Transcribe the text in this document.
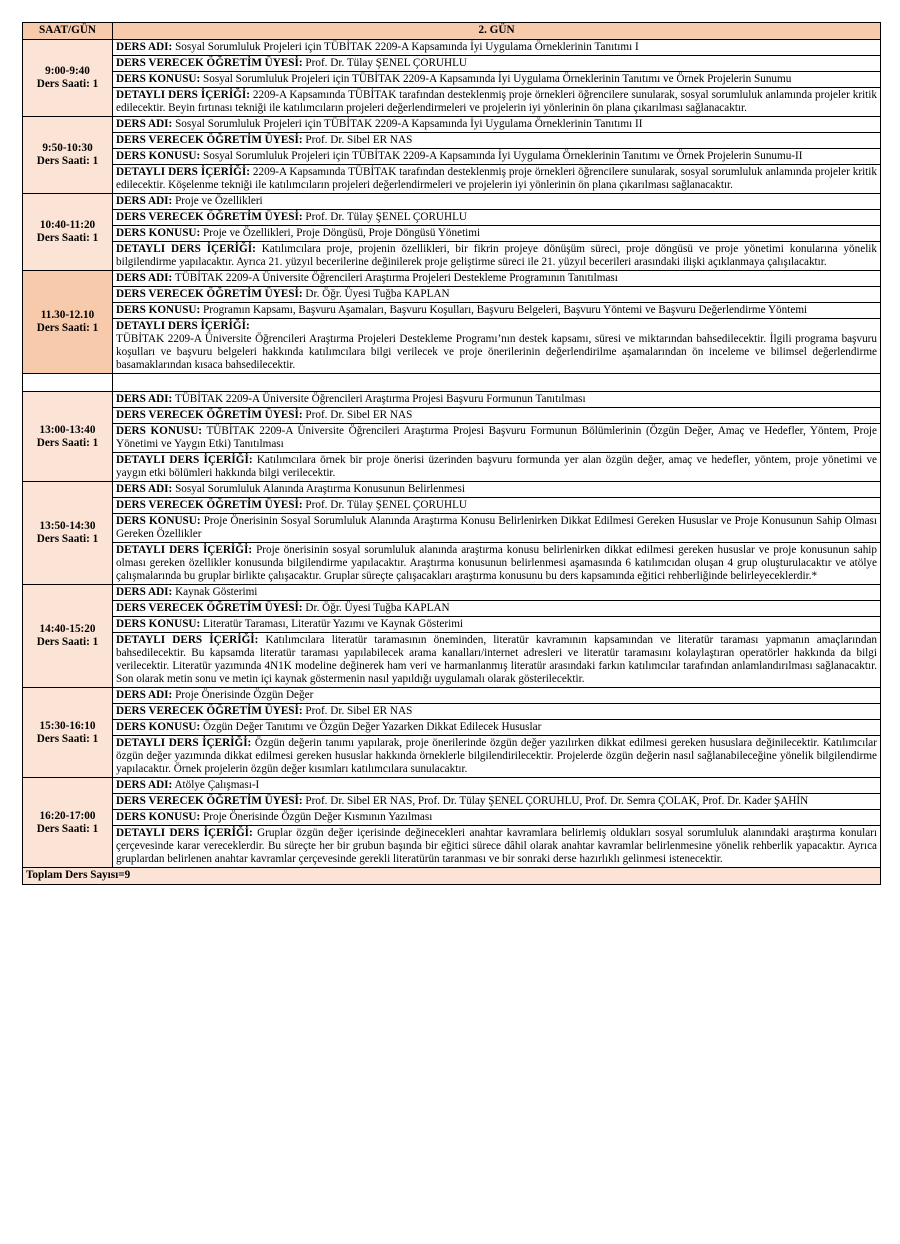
SAAT/GÜN	2. GÜN

9:00-9:40
Ders Saati: 1	DERS ADI: Sosyal Sorumluluk Projeleri için TÜBİTAK 2209-A Kapsamında İyi Uygulama Örneklerinin Tanıtımı I
	DERS VERECEK ÖĞRETİM ÜYESİ: Prof. Dr. Tülay ŞENEL ÇORUHLU
	DERS KONUSU: Sosyal Sorumluluk Projeleri için TÜBİTAK 2209-A Kapsamında İyi Uygulama Örneklerinin Tanıtımı ve Örnek Projelerin Sunumu
	DETAYLI DERS İÇERİĞİ: 2209-A Kapsamında TÜBİTAK tarafından desteklenmiş proje örnekleri öğrencilere sunularak, sosyal sorumluluk anlamında projeler kritik edilecektir. Beyin fırtınası tekniği ile katılımcıların projeleri değerlendirmeleri ve projelerin iyi yönlerinin ön plana çıkarılması sağlanacaktır.

9:50-10:30
Ders Saati: 1	DERS ADI: Sosyal Sorumluluk Projeleri için TÜBİTAK 2209-A Kapsamında İyi Uygulama Örneklerinin Tanıtımı II
	DERS VERECEK ÖĞRETİM ÜYESİ: Prof. Dr. Sibel ER NAS
	DERS KONUSU: Sosyal Sorumluluk Projeleri için TÜBİTAK 2209-A Kapsamında İyi Uygulama Örneklerinin Tanıtımı ve Örnek Projelerin Sunumu-II
	DETAYLI DERS İÇERİĞİ: 2209-A Kapsamında TÜBİTAK tarafından desteklenmiş proje örnekleri öğrencilere sunularak, sosyal sorumluluk anlamında projeler kritik edilecektir. Köşelenme tekniği ile katılımcıların projeleri değerlendirmeleri ve projelerin iyi yönlerinin ön plana çıkarılması sağlanacaktır.

10:40-11:20
Ders Saati: 1	DERS ADI: Proje ve Özellikleri
	DERS VERECEK ÖĞRETİM ÜYESİ: Prof. Dr. Tülay ŞENEL ÇORUHLU
	DERS KONUSU: Proje ve Özellikleri, Proje Döngüsü, Proje Döngüsü Yönetimi
	DETAYLI DERS İÇERİĞİ: Katılımcılara proje, projenin özellikleri, bir fikrin projeye dönüşüm süreci, proje döngüsü ve proje yönetimi konularına yönelik bilgilendirme yapılacaktır. Ayrıca 21. yüzyıl becerilerine değinilerek proje geliştirme süreci ile 21. yüzyıl becerileri arasındaki ilişki açıklanmaya çalışılacaktır.

11.30-12.10
Ders Saati: 1	DERS ADI: TÜBİTAK 2209-A Üniversite Öğrencileri Araştırma Projeleri Destekleme Programının Tanıtılması
	DERS VERECEK ÖĞRETİM ÜYESİ: Dr. Öğr. Üyesi Tuğba KAPLAN
	DERS KONUSU: Programın Kapsamı, Başvuru Aşamaları, Başvuru Koşulları, Başvuru Belgeleri, Başvuru Yöntemi ve Başvuru Değerlendirme Yöntemi
	DETAYLI DERS İÇERİĞİ:
TÜBİTAK 2209-A Üniversite Öğrencileri Araştırma Projeleri Destekleme Programı’nın destek kapsamı, süresi ve miktarından bahsedilecektir. İlgili programa başvuru koşulları ve başvuru belgeleri hakkında katılımcılara bilgi verilecek ve proje önerilerinin değerlendirilme aşamalarından ön inceleme ve bilimsel değerlendirme basamaklarından kısaca bahsedilecektir.

13:00-13:40
Ders Saati: 1	DERS ADI: TÜBİTAK 2209-A Üniversite Öğrencileri Araştırma Projesi Başvuru Formunun Tanıtılması
	DERS VERECEK ÖĞRETİM ÜYESİ: Prof. Dr. Sibel ER NAS
	DERS KONUSU: TÜBİTAK 2209-A Üniversite Öğrencileri Araştırma Projesi Başvuru Formunun Bölümlerinin (Özgün Değer, Amaç ve Hedefler, Yöntem, Proje Yönetimi ve Yaygın Etki) Tanıtılması
	DETAYLI DERS İÇERİĞİ: Katılımcılara örnek bir proje önerisi üzerinden başvuru formunda yer alan özgün değer, amaç ve hedefler, yöntem, proje yönetimi ve yaygın etki bölümleri hakkında bilgi verilecektir.

13:50-14:30
Ders Saati: 1	DERS ADI: Sosyal Sorumluluk Alanında Araştırma Konusunun Belirlenmesi
	DERS VERECEK ÖĞRETİM ÜYESİ: Prof. Dr. Tülay ŞENEL ÇORUHLU
	DERS KONUSU: Proje Önerisinin Sosyal Sorumluluk Alanında Araştırma Konusu Belirlenirken Dikkat Edilmesi Gereken Hususlar ve Proje Konusunun Sahip Olması Gereken Özellikler
	DETAYLI DERS İÇERİĞİ: Proje önerisinin sosyal sorumluluk alanında araştırma konusu belirlenirken dikkat edilmesi gereken hususlar ve proje konusunun sahip olması gereken özellikler konusunda bilgilendirme yapılacaktır. Araştırma konusunun belirlenmesi aşamasında 6 katılımcıdan oluşan 4 grup oluşturulacaktır ve atölye çalışmalarında bu gruplar birlikte çalışacaktır. Gruplar süreçte çalışacakları araştırma konusunu bu ders kapsamında eğitici rehberliğinde belirleyeceklerdir.*

14:40-15:20
Ders Saati: 1	DERS ADI: Kaynak Gösterimi
	DERS VERECEK ÖĞRETİM ÜYESİ: Dr. Öğr. Üyesi Tuğba KAPLAN
	DERS KONUSU: Literatür Taraması, Literatür Yazımı ve Kaynak Gösterimi
	DETAYLI DERS İÇERİĞİ: Katılımcılara literatür taramasının öneminden, literatür kavramının kapsamından ve literatür taraması yapmanın amaçlarından bahsedilecektir. Bu kapsamda literatür taraması yapılabilecek arama kanalları/internet adresleri ve literatür taramasını kolaylaştıran operatörler hakkında da bilgi verilecektir. Literatür yazımında 4N1K modeline değinerek ham veri ve harmanlanmış literatür arasındaki farkın katılımcılar tarafından anlamlandırılması sağlanacaktır. Son olarak metin sonu ve metin içi kaynak göstermenin nasıl yapıldığı uygulamalı olarak gösterilecektir.

15:30-16:10
Ders Saati: 1	DERS ADI: Proje Önerisinde Özgün Değer
	DERS VERECEK ÖĞRETİM ÜYESİ: Prof. Dr. Sibel ER NAS
	DERS KONUSU: Özgün Değer Tanıtımı ve Özgün Değer Yazarken Dikkat Edilecek Hususlar
	DETAYLI DERS İÇERİĞİ: Özgün değerin tanımı yapılarak, proje önerilerinde özgün değer yazılırken dikkat edilmesi gereken hususlara değinilecektir. Katılımcılar özgün değer yazımında dikkat edilmesi gereken hususlar hakkında örneklerle bilgilendirilecektir. Projelerde özgün değerin nasıl sağlanabileceğine yönelik bilgilendirme yapılacaktır. Örnek projelerin özgün değer kısımları katılımcılara sunulacaktır.

16:20-17:00
Ders Saati: 1	DERS ADI: Atölye Çalışması-I
	DERS VERECEK ÖĞRETİM ÜYESİ: Prof. Dr. Sibel ER NAS, Prof. Dr. Tülay ŞENEL ÇORUHLU, Prof. Dr. Semra ÇOLAK, Prof. Dr. Kader ŞAHİN
	DERS KONUSU: Proje Önerisinde Özgün Değer Kısmının Yazılması
	DETAYLI DERS İÇERİĞİ: Gruplar özgün değer içerisinde değinecekleri anahtar kavramlara belirlemiş oldukları sosyal sorumluluk alanındaki araştırma konuları çerçevesinde karar vereceklerdir. Bu süreçte her bir grubun başında bir eğitici sürece dâhil olarak anahtar kavramlar belirlenmesine yönelik rehberlik yapacaktır. Ayrıca gruplardan belirlenen anahtar kavramlar çerçevesinde gerekli literatürün taranması ve bir sonraki derse hazırlıklı gelinmesi istenecektir.
Toplam Ders Sayısı=9	
